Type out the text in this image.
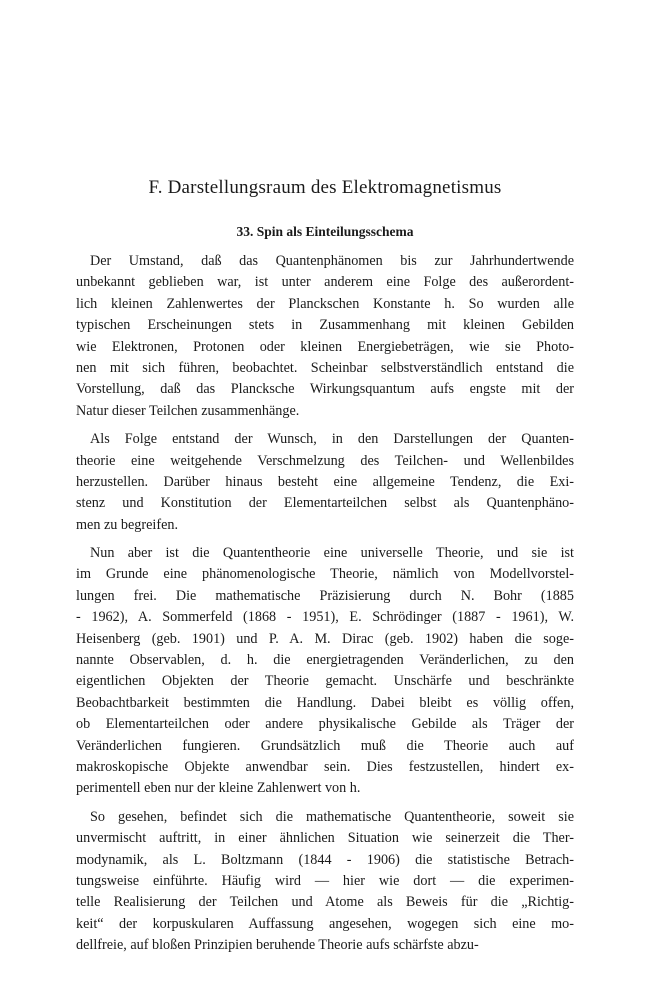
F. Darstellungsraum des Elektromagnetismus
33. Spin als Einteilungsschema
Der Umstand, daß das Quantenphänomen bis zur Jahrhundertwende
unbekannt geblieben war, ist unter anderem eine Folge des außerordent-
lich kleinen Zahlenwertes der Planckschen Konstante h. So wurden alle
typischen Erscheinungen stets in Zusammenhang mit kleinen Gebilden
wie Elektronen, Protonen oder kleinen Energiebeträgen, wie sie Photo-
nen mit sich führen, beobachtet. Scheinbar selbstverständlich entstand die
Vorstellung, daß das Plancksche Wirkungsquantum aufs engste mit der
Natur dieser Teilchen zusammenhänge.
Als Folge entstand der Wunsch, in den Darstellungen der Quanten-
theorie eine weitgehende Verschmelzung des Teilchen- und Wellenbildes
herzustellen. Darüber hinaus besteht eine allgemeine Tendenz, die Exi-
stenz und Konstitution der Elementarteilchen selbst als Quantenphäno-
men zu begreifen.
Nun aber ist die Quantentheorie eine universelle Theorie, und sie ist
im Grunde eine phänomenologische Theorie, nämlich von Modellvorstel-
lungen frei. Die mathematische Präzisierung durch N. Bohr (1885
- 1962), A. Sommerfeld (1868 - 1951), E. Schrödinger (1887 - 1961), W.
Heisenberg (geb. 1901) und P. A. M. Dirac (geb. 1902) haben die soge-
nannte Observablen, d. h. die energietragenden Veränderlichen, zu den
eigentlichen Objekten der Theorie gemacht. Unschärfe und beschränkte
Beobachtbarkeit bestimmten die Handlung. Dabei bleibt es völlig offen,
ob Elementarteilchen oder andere physikalische Gebilde als Träger der
Veränderlichen fungieren. Grundsätzlich muß die Theorie auch auf
makroskopische Objekte anwendbar sein. Dies festzustellen, hindert ex-
perimentell eben nur der kleine Zahlenwert von h.
So gesehen, befindet sich die mathematische Quantentheorie, soweit sie
unvermischt auftritt, in einer ähnlichen Situation wie seinerzeit die Ther-
modynamik, als L. Boltzmann (1844 - 1906) die statistische Betrach-
tungsweise einführte. Häufig wird — hier wie dort — die experimen-
telle Realisierung der Teilchen und Atome als Beweis für die „Richtig-
keit“ der korpuskularen Auffassung angesehen, wogegen sich eine mo-
dellfreie, auf bloßen Prinzipien beruhende Theorie aufs schärfste abzu-
